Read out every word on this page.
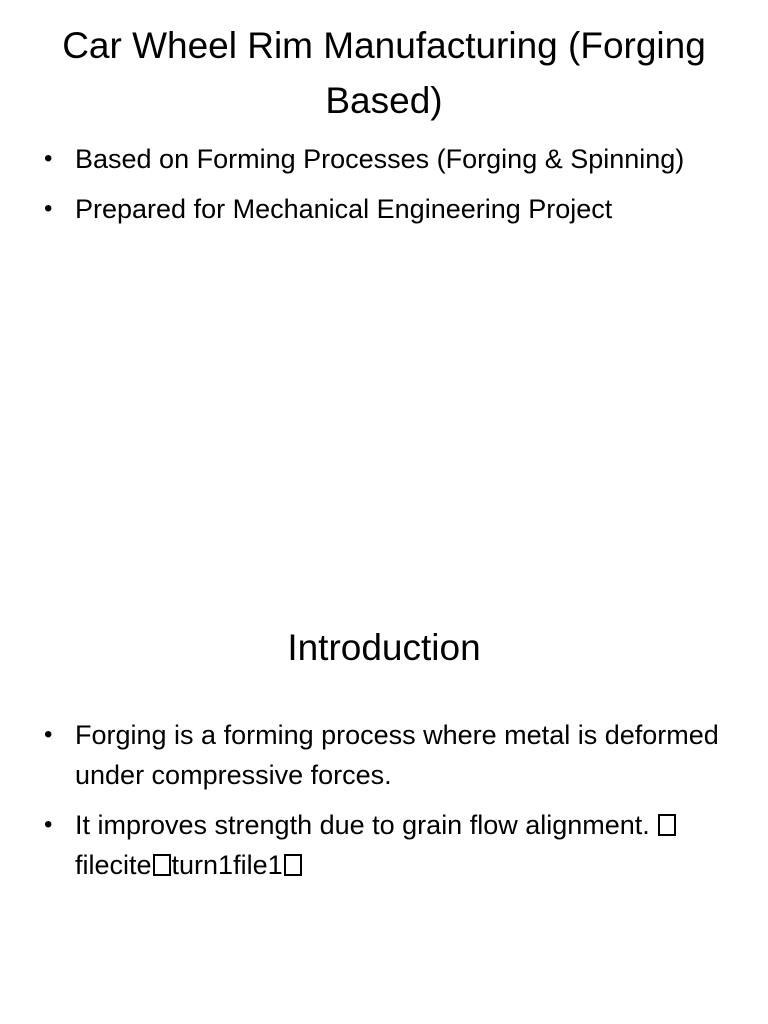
Car Wheel Rim Manufacturing (Forging Based)
• Based on Forming Processes (Forging & Spinning)
• Prepared for Mechanical Engineering Project
Introduction
• Forging is a forming process where metal is deformed under compressive forces.
• It improves strength due to grain flow alignment. filecite turn1file1
